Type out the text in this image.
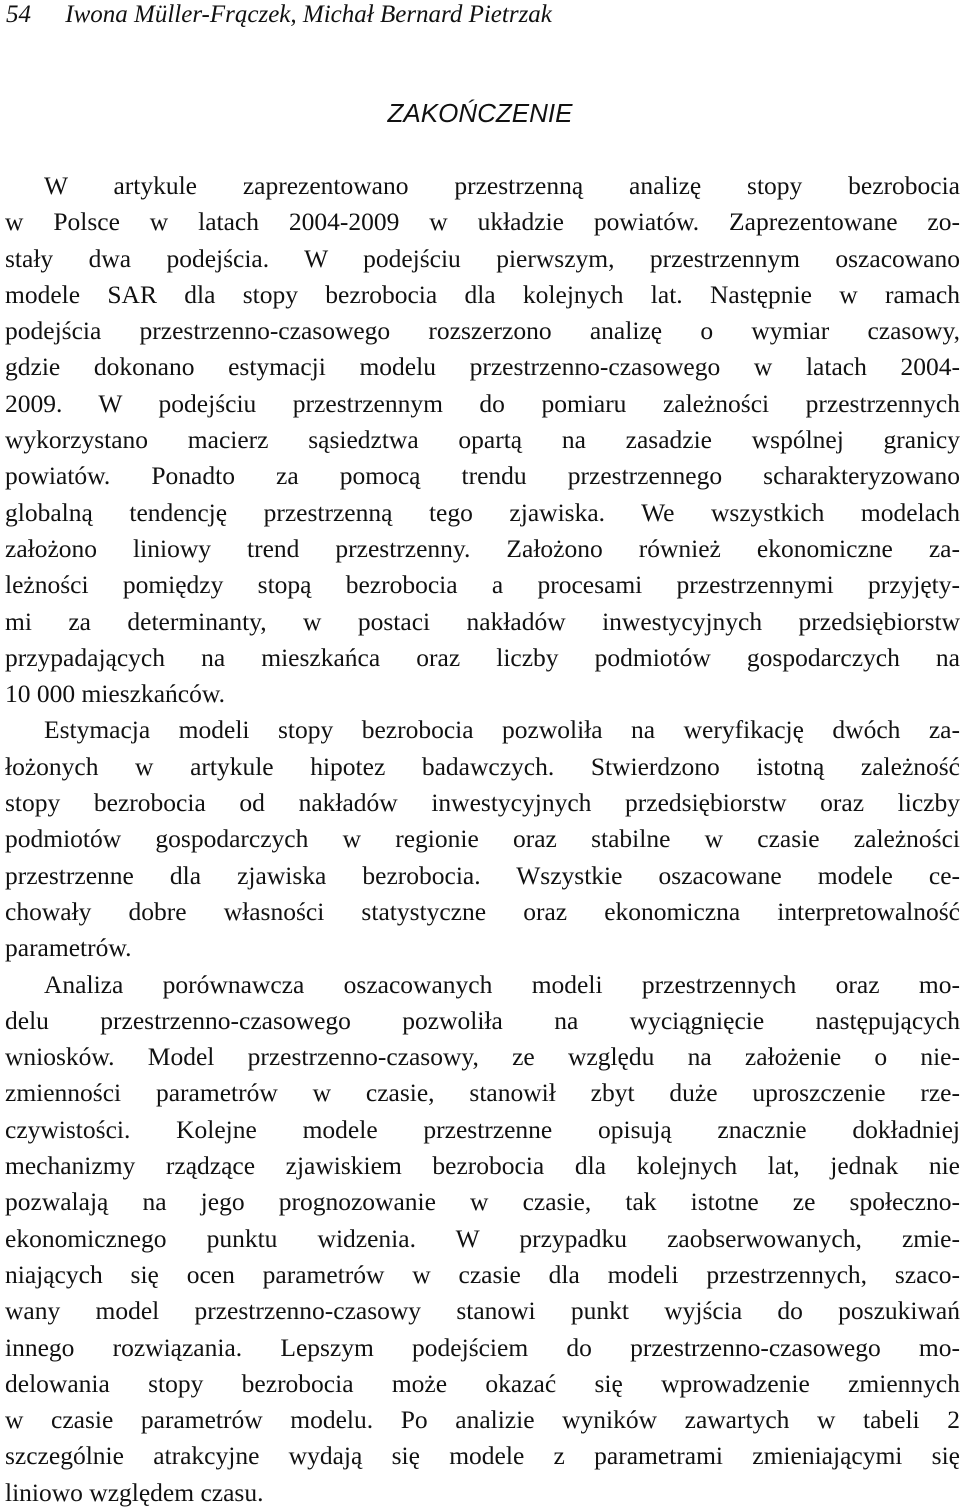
54 Iwona Müller-Frączek, Michał Bernard Pietrzak
ZAKOŃCZENIE
W artykule zaprezentowano przestrzenną analizę stopy bezrobocia
w Polsce w latach 2004-2009 w układzie powiatów. Zaprezentowane zo-
stały dwa podejścia. W podejściu pierwszym, przestrzennym oszacowano
modele SAR dla stopy bezrobocia dla kolejnych lat. Następnie w ramach
podejścia przestrzenno-czasowego rozszerzono analizę o wymiar czasowy,
gdzie dokonano estymacji modelu przestrzenno-czasowego w latach 2004-
2009. W podejściu przestrzennym do pomiaru zależności przestrzennych
wykorzystano macierz sąsiedztwa opartą na zasadzie wspólnej granicy
powiatów. Ponadto za pomocą trendu przestrzennego scharakteryzowano
globalną tendencję przestrzenną tego zjawiska. We wszystkich modelach
założono liniowy trend przestrzenny. Założono również ekonomiczne za-
leżności pomiędzy stopą bezrobocia a procesami przestrzennymi przyjęty-
mi za determinanty, w postaci nakładów inwestycyjnych przedsiębiorstw
przypadających na mieszkańca oraz liczby podmiotów gospodarczych na
10 000 mieszkańców.
Estymacja modeli stopy bezrobocia pozwoliła na weryfikację dwóch za-
łożonych w artykule hipotez badawczych. Stwierdzono istotną zależność
stopy bezrobocia od nakładów inwestycyjnych przedsiębiorstw oraz liczby
podmiotów gospodarczych w regionie oraz stabilne w czasie zależności
przestrzenne dla zjawiska bezrobocia. Wszystkie oszacowane modele ce-
chowały dobre własności statystyczne oraz ekonomiczna interpretowalność
parametrów.
Analiza porównawcza oszacowanych modeli przestrzennych oraz mo-
delu przestrzenno-czasowego pozwoliła na wyciągnięcie następujących
wniosków. Model przestrzenno-czasowy, ze względu na założenie o nie-
zmienności parametrów w czasie, stanowił zbyt duże uproszczenie rze-
czywistości. Kolejne modele przestrzenne opisują znacznie dokładniej
mechanizmy rządzące zjawiskiem bezrobocia dla kolejnych lat, jednak nie
pozwalają na jego prognozowanie w czasie, tak istotne ze społeczno-
ekonomicznego punktu widzenia. W przypadku zaobserwowanych, zmie-
niających się ocen parametrów w czasie dla modeli przestrzennych, szaco-
wany model przestrzenno-czasowy stanowi punkt wyjścia do poszukiwań
innego rozwiązania. Lepszym podejściem do przestrzenno-czasowego mo-
delowania stopy bezrobocia może okazać się wprowadzenie zmiennych
w czasie parametrów modelu. Po analizie wyników zawartych w tabeli 2
szczególnie atrakcyjne wydają się modele z parametrami zmieniającymi się
liniowo względem czasu.
